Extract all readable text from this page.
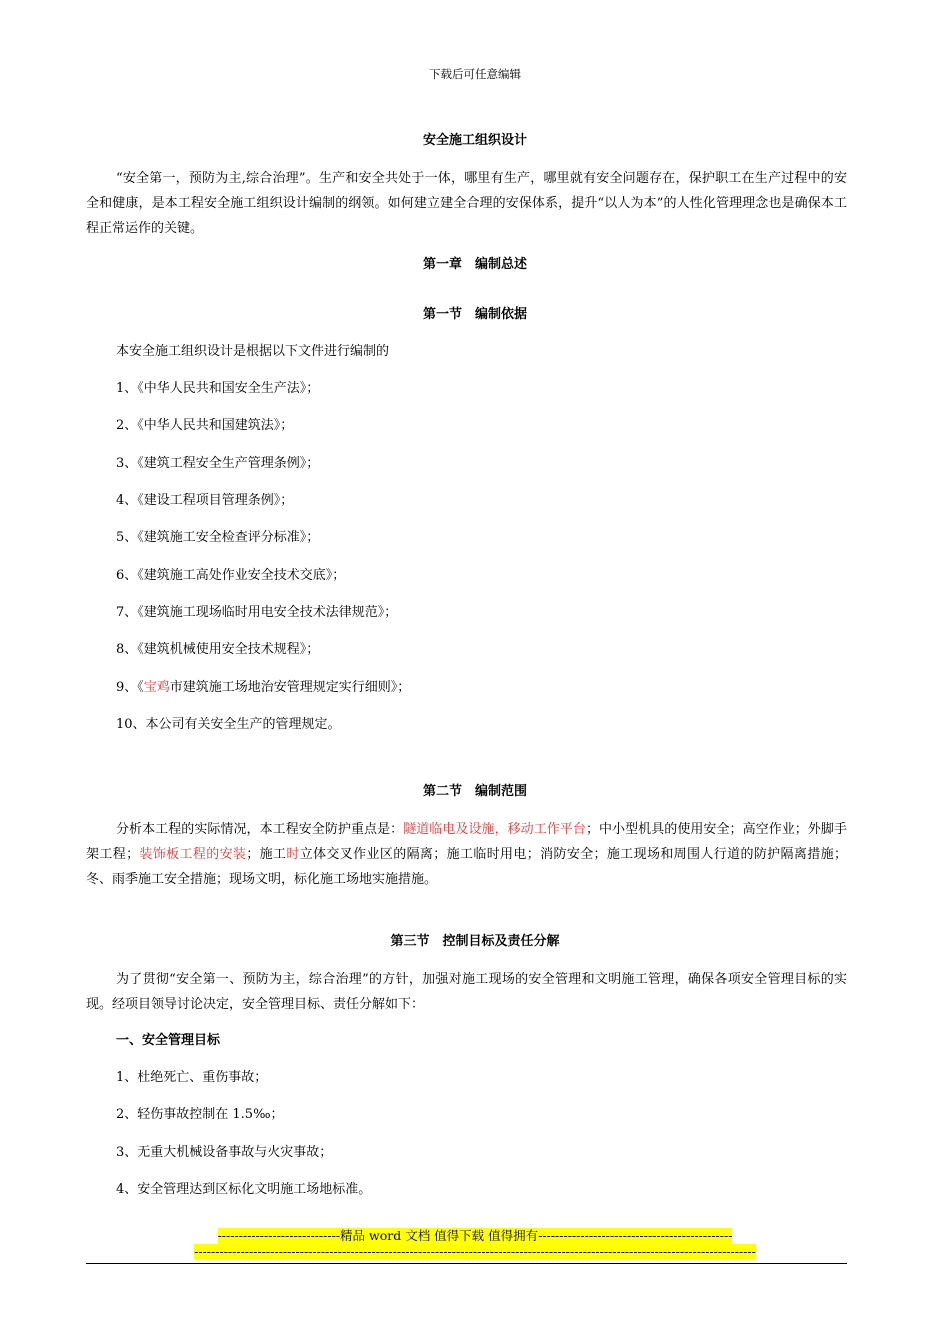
下载后可任意编辑
安全施工组织设计
“安全第一，预防为主,综合治理”。生产和安全共处于一体，哪里有生产，哪里就有安全问题存在，保护职工在生产过程中的安全和健康，是本工程安全施工组织设计编制的纲领。如何建立建全合理的安保体系，提升“以人为本”的人性化管理理念也是确保本工程正常运作的关键。
第一章　编制总述
第一节　编制依据
本安全施工组织设计是根据以下文件进行编制的
1、《中华人民共和国安全生产法》；
2、《中华人民共和国建筑法》；
3、《建筑工程安全生产管理条例》；
4、《建设工程项目管理条例》；
5、《建筑施工安全检查评分标准》；
6、《建筑施工高处作业安全技术交底》；
7、《建筑施工现场临时用电安全技术法律规范》；
8、《建筑机械使用安全技术规程》；
9、《宝鸡市建筑施工场地治安管理规定实行细则》；
10、本公司有关安全生产的管理规定。
第二节　编制范围
分析本工程的实际情况，本工程安全防护重点是：隧道临电及设施，移动工作平台；中小型机具的使用安全；高空作业；外脚手架工程；装饰板工程的安装；施工时立体交叉作业区的隔离；施工临时用电；消防安全；施工现场和周围人行道的防护隔离措施；冬、雨季施工安全措施；现场文明，标化施工场地实施措施。
第三节　控制目标及责任分解
为了贯彻“安全第一、预防为主，综合治理”的方针，加强对施工现场的安全管理和文明施工管理，确保各项安全管理目标的实现。经项目领导讨论决定，安全管理目标、责任分解如下：
一、安全管理目标
1、杜绝死亡、重伤事故；
2、轻伤事故控制在 1.5‰；
3、无重大机械设备事故与火灾事故；
4、安全管理达到区标化文明施工场地标准。
-----------------------------精品 word 文档 值得下载 值得拥有----------------------------------------------
-------------------------------------------------------------------------------------------------------------------------------------
